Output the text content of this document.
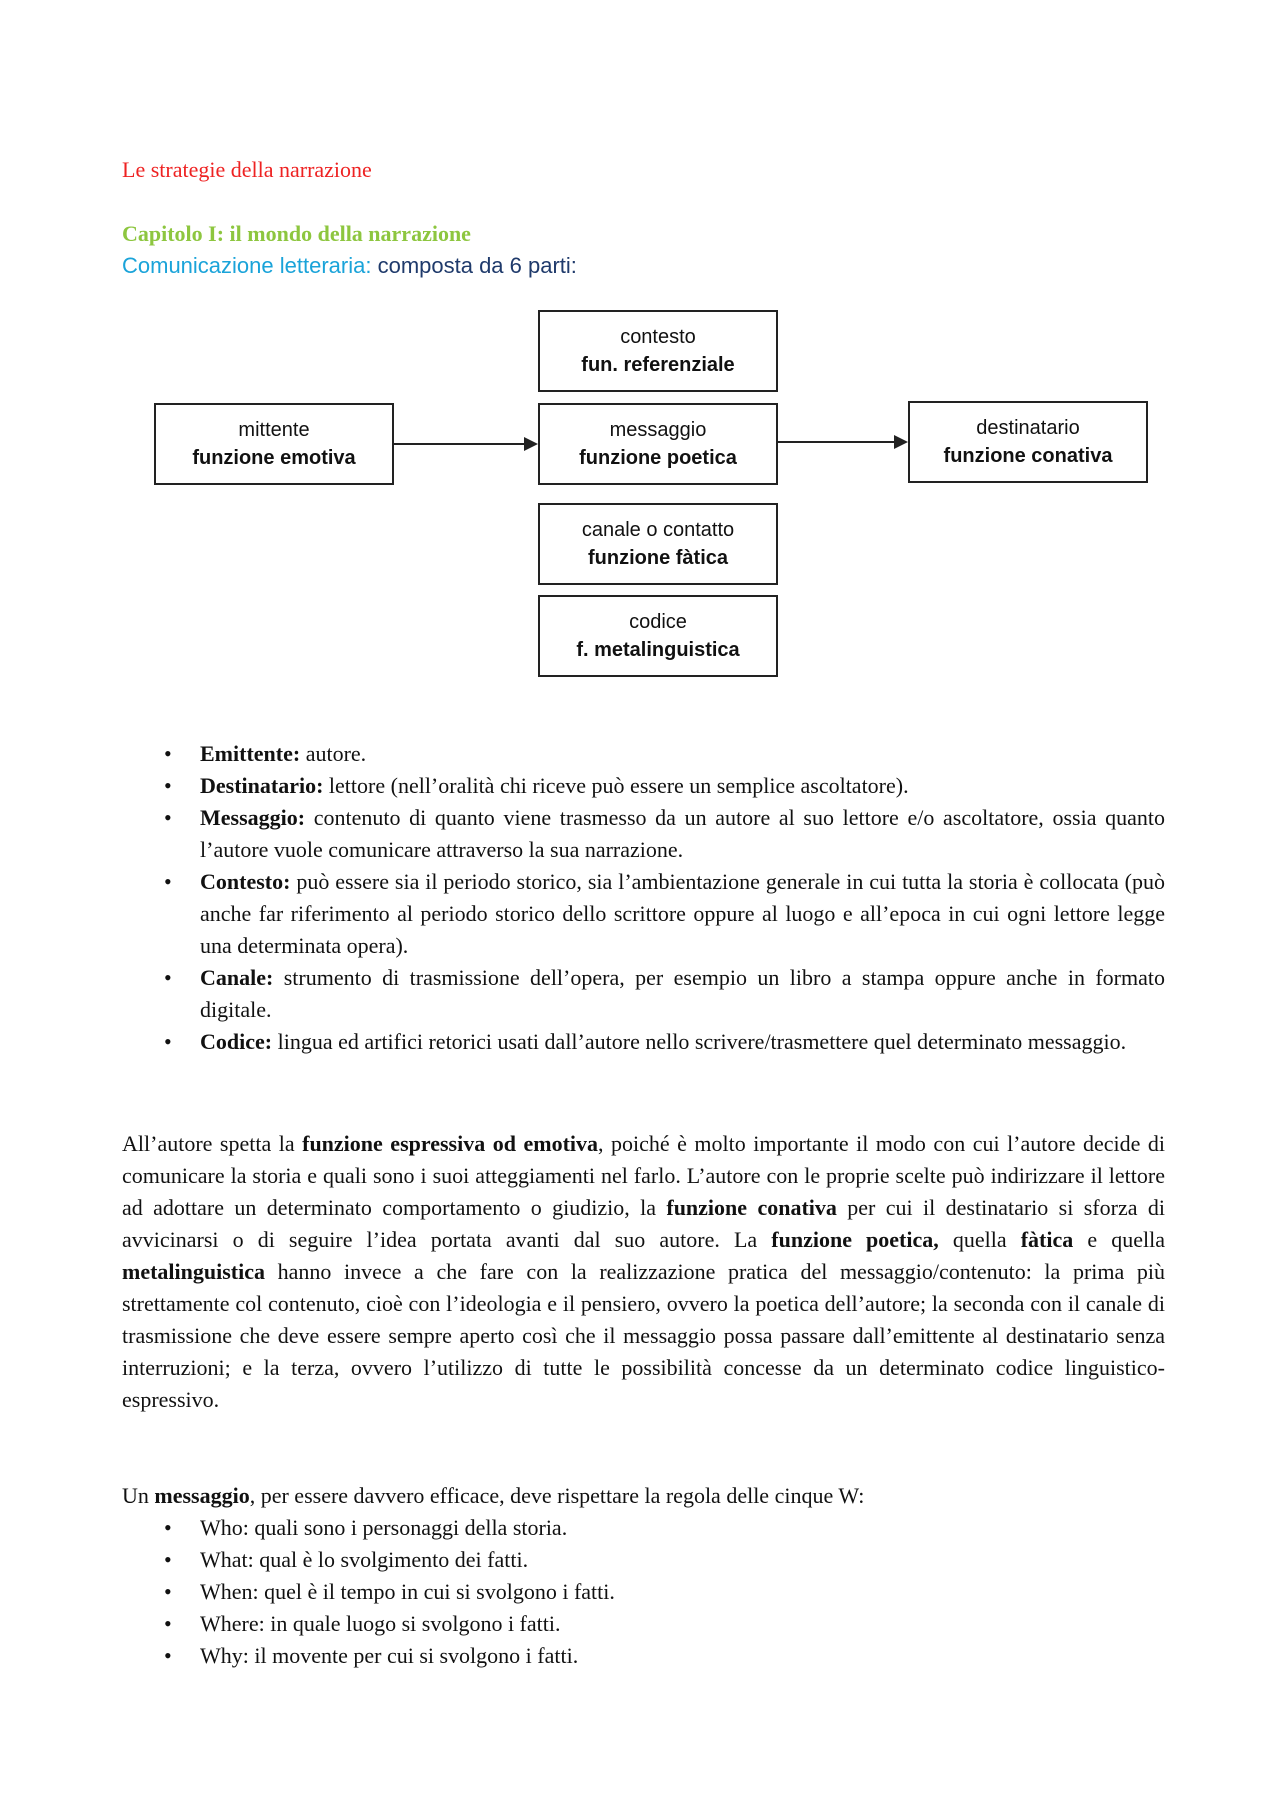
Le strategie della narrazione
Capitolo I: il mondo della narrazione
Comunicazione letteraria: composta da 6 parti:
contesto
fun. referenziale
mittente
funzione emotiva
messaggio
funzione poetica
destinatario
funzione conativa
canale o contatto
funzione fàtica
codice
f. metalinguistica
• Emittente: autore.
• Destinatario: lettore (nell’oralità chi riceve può essere un semplice ascoltatore).
• Messaggio: contenuto di quanto viene trasmesso da un autore al suo lettore e/o ascoltatore, ossia quanto l’autore vuole comunicare attraverso la sua narrazione.
• Contesto: può essere sia il periodo storico, sia l’ambientazione generale in cui tutta la storia è collocata (può anche far riferimento al periodo storico dello scrittore oppure al luogo e all’epoca in cui ogni lettore legge una determinata opera).
• Canale: strumento di trasmissione dell’opera, per esempio un libro a stampa oppure anche in formato digitale.
• Codice: lingua ed artifici retorici usati dall’autore nello scrivere/trasmettere quel determinato messaggio.

All’autore spetta la funzione espressiva od emotiva, poiché è molto importante il modo con cui l’autore decide di comunicare la storia e quali sono i suoi atteggiamenti nel farlo. L’autore con le proprie scelte può indirizzare il lettore ad adottare un determinato comportamento o giudizio, la funzione conativa per cui il destinatario si sforza di avvicinarsi o di seguire l’idea portata avanti dal suo autore. La funzione poetica, quella fàtica e quella metalinguistica hanno invece a che fare con la realizzazione pratica del messaggio/contenuto: la prima più strettamente col contenuto, cioè con l’ideologia e il pensiero, ovvero la poetica dell’autore; la seconda con il canale di trasmissione che deve essere sempre aperto così che il messaggio possa passare dall’emittente al destinatario senza interruzioni; e la terza, ovvero l’utilizzo di tutte le possibilità concesse da un determinato codice linguistico-espressivo.

Un messaggio, per essere davvero efficace, deve rispettare la regola delle cinque W:

• Who: quali sono i personaggi della storia.
• What: qual è lo svolgimento dei fatti.
• When: quel è il tempo in cui si svolgono i fatti.
• Where: in quale luogo si svolgono i fatti.
• Why: il movente per cui si svolgono i fatti.
